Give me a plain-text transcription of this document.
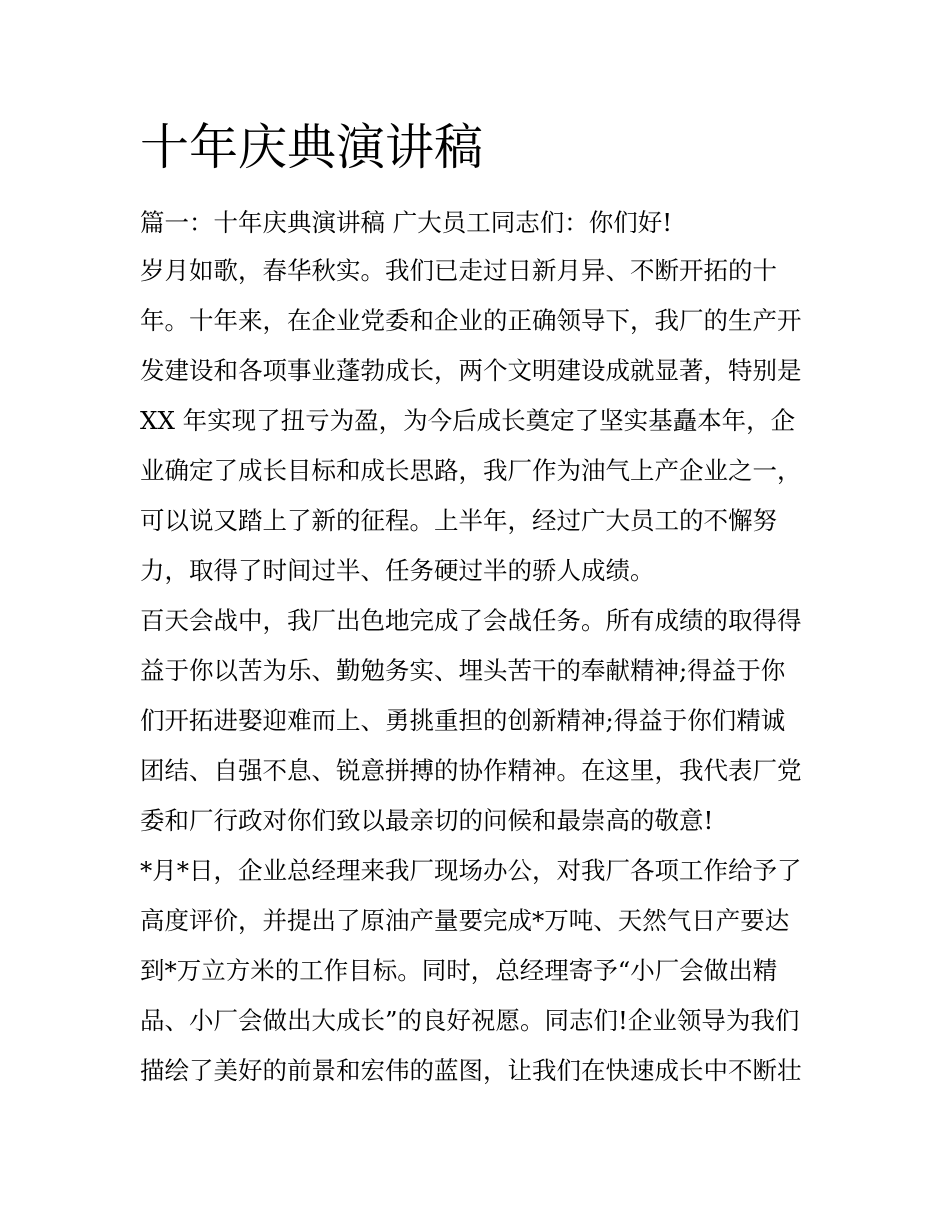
十年庆典演讲稿
篇一：十年庆典演讲稿 广大员工同志们：你们好!
岁月如歌，春华秋实。我们已走过日新月异、不断开拓的十
年。十年来，在企业党委和企业的正确领导下，我厂的生产开
发建设和各项事业蓬勃成长，两个文明建设成就显著，特别是
XX 年实现了扭亏为盈，为今后成长奠定了坚实基矗本年，企
业确定了成长目标和成长思路，我厂作为油气上产企业之一，
可以说又踏上了新的征程。上半年，经过广大员工的不懈努
力，取得了时间过半、任务硬过半的骄人成绩。
百天会战中，我厂出色地完成了会战任务。所有成绩的取得得
益于你以苦为乐、勤勉务实、埋头苦干的奉献精神;得益于你
们开拓进娶迎难而上、勇挑重担的创新精神;得益于你们精诚
团结、自强不息、锐意拼搏的协作精神。在这里，我代表厂党
委和厂行政对你们致以最亲切的问候和最崇高的敬意!
*月*日，企业总经理来我厂现场办公，对我厂各项工作给予了
高度评价，并提出了原油产量要完成*万吨、天然气日产要达
到*万立方米的工作目标。同时，总经理寄予“小厂会做出精
品、小厂会做出大成长”的良好祝愿。同志们!企业领导为我们
描绘了美好的前景和宏伟的蓝图，让我们在快速成长中不断壮
